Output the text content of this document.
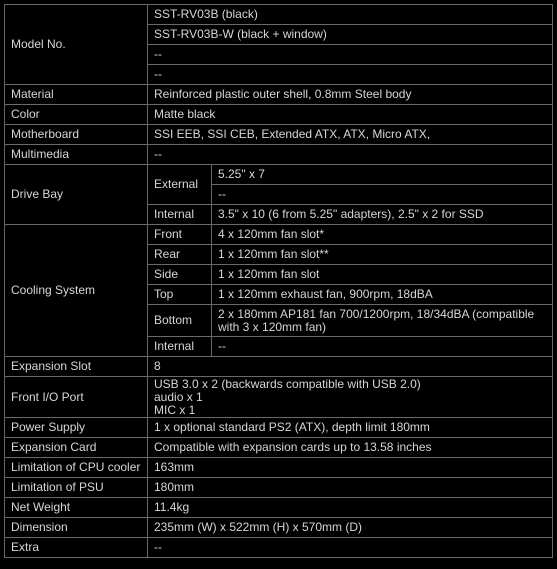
Model No.	SST-RV03B (black)	
	SST-RV03B-W (black + window)	
	--	
	--	
Material	Reinforced plastic outer shell, 0.8mm Steel body	
Color	Matte black	
Motherboard	SSI EEB, SSI CEB, Extended ATX, ATX, Micro ATX,	
Multimedia	--	
Drive Bay	External	5.25" x 7
		--
	Internal	3.5" x 10 (6 from 5.25" adapters), 2.5" x 2 for SSD
Cooling System	Front	4 x 120mm fan slot*
	Rear	1 x 120mm fan slot**
	Side	1 x 120mm fan slot
	Top	1 x 120mm exhaust fan, 900rpm, 18dBA
	Bottom	2 x 180mm AP181 fan 700/1200rpm, 18/34dBA (compatible with 3 x 120mm fan)
	Internal	--
Expansion Slot	8	
Front I/O Port	USB 3.0 x 2 (backwards compatible with USB 2.0)
audio x 1
MIC x 1	

Power Supply	1 x optional standard PS2 (ATX), depth limit 180mm	
Expansion Card	Compatible with expansion cards up to 13.58 inches	
Limitation of CPU cooler	163mm	
Limitation of PSU	180mm	
Net Weight	11.4kg	
Dimension	235mm (W) x 522mm (H) x 570mm (D)	
Extra	--	
